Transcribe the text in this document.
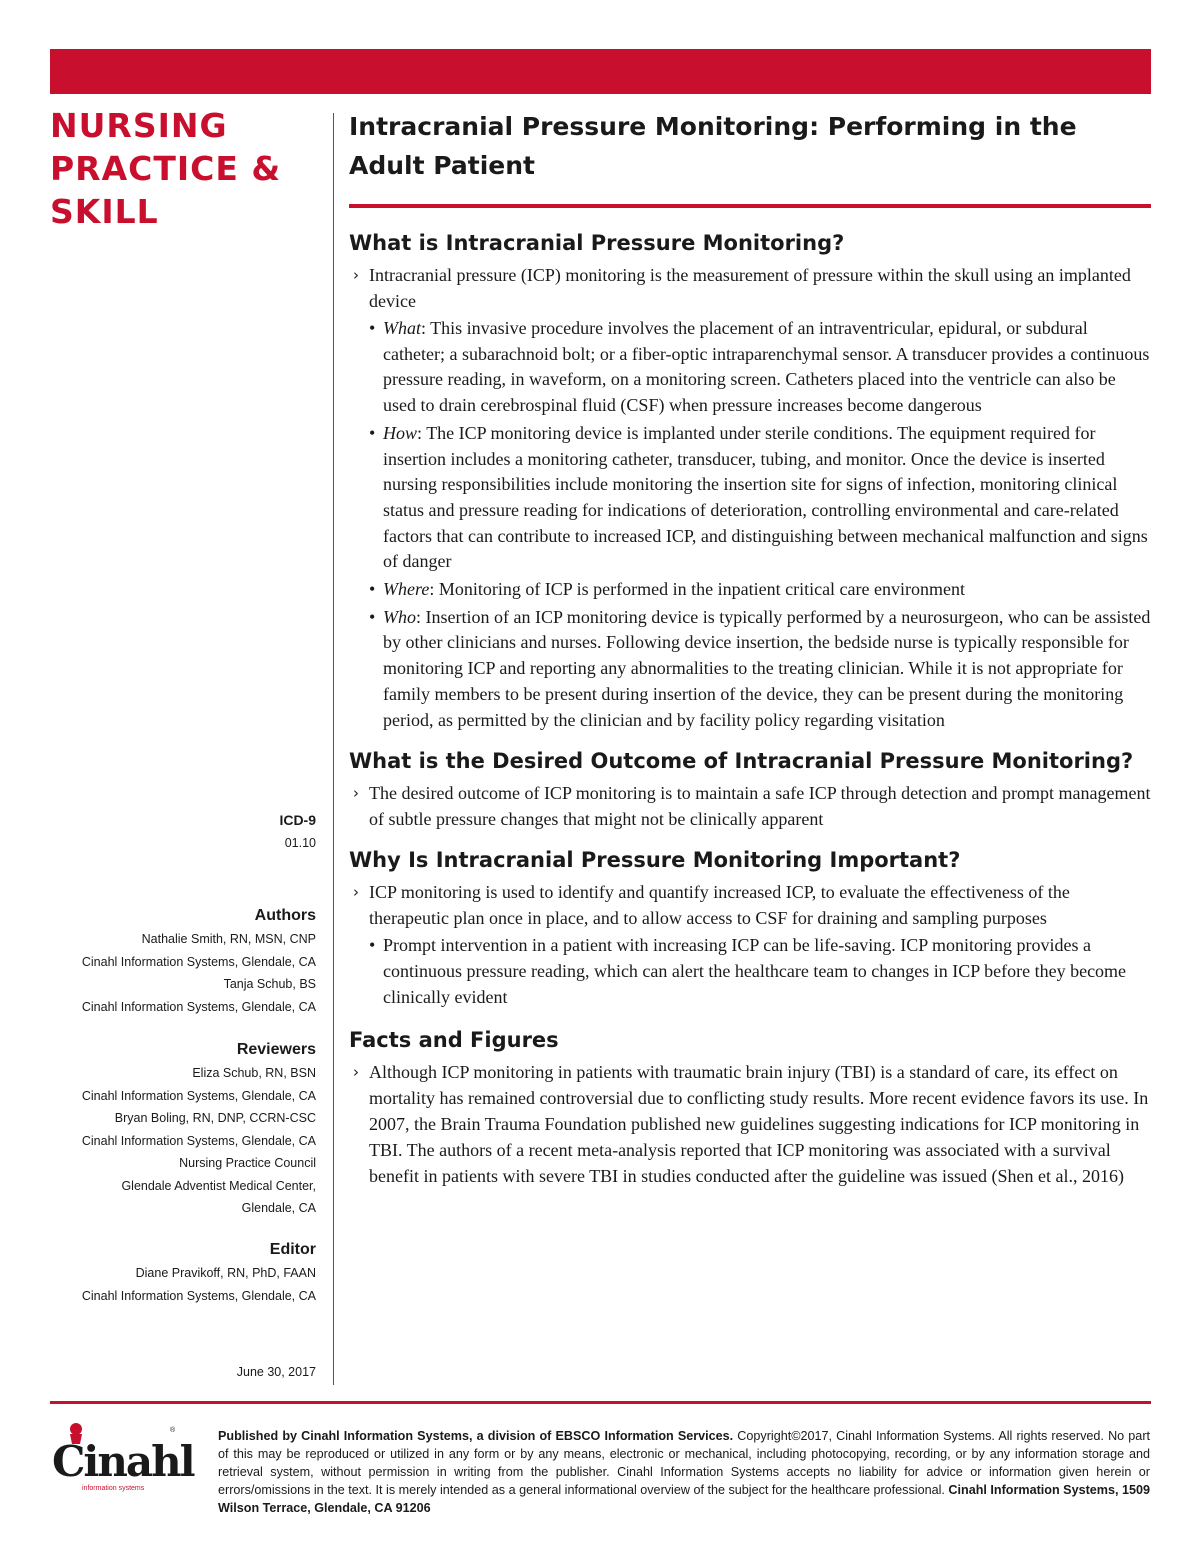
NURSING
PRACTICE &
SKILL
ICD-9
01.10
Authors
Nathalie Smith, RN, MSN, CNP
Cinahl Information Systems, Glendale, CA
Tanja Schub, BS
Cinahl Information Systems, Glendale, CA
Reviewers
Eliza Schub, RN, BSN
Cinahl Information Systems, Glendale, CA
Bryan Boling, RN, DNP, CCRN-CSC
Cinahl Information Systems, Glendale, CA
Nursing Practice Council
Glendale Adventist Medical Center,
Glendale, CA
Editor
Diane Pravikoff, RN, PhD, FAAN
Cinahl Information Systems, Glendale, CA
June 30, 2017
Intracranial Pressure Monitoring: Performing in the Adult Patient
What is Intracranial Pressure Monitoring?
› Intracranial pressure (ICP) monitoring is the measurement of pressure within the skull using an implanted device
• What: This invasive procedure involves the placement of an intraventricular, epidural, or subdural catheter; a subarachnoid bolt; or a fiber-optic intraparenchymal sensor. A transducer provides a continuous pressure reading, in waveform, on a monitoring screen. Catheters placed into the ventricle can also be used to drain cerebrospinal fluid (CSF) when pressure increases become dangerous
• How: The ICP monitoring device is implanted under sterile conditions. The equipment required for insertion includes a monitoring catheter, transducer, tubing, and monitor. Once the device is inserted nursing responsibilities include monitoring the insertion site for signs of infection, monitoring clinical status and pressure reading for indications of deterioration, controlling environmental and care-related factors that can contribute to increased ICP, and distinguishing between mechanical malfunction and signs of danger
• Where: Monitoring of ICP is performed in the inpatient critical care environment
• Who: Insertion of an ICP monitoring device is typically performed by a neurosurgeon, who can be assisted by other clinicians and nurses. Following device insertion, the bedside nurse is typically responsible for monitoring ICP and reporting any abnormalities to the treating clinician. While it is not appropriate for family members to be present during insertion of the device, they can be present during the monitoring period, as permitted by the clinician and by facility policy regarding visitation
What is the Desired Outcome of Intracranial Pressure Monitoring?
› The desired outcome of ICP monitoring is to maintain a safe ICP through detection and prompt management of subtle pressure changes that might not be clinically apparent
Why Is Intracranial Pressure Monitoring Important?
› ICP monitoring is used to identify and quantify increased ICP, to evaluate the effectiveness of the therapeutic plan once in place, and to allow access to CSF for draining and sampling purposes
• Prompt intervention in a patient with increasing ICP can be life-saving. ICP monitoring provides a continuous pressure reading, which can alert the healthcare team to changes in ICP before they become clinically evident
Facts and Figures
› Although ICP monitoring in patients with traumatic brain injury (TBI) is a standard of care, its effect on mortality has remained controversial due to conflicting study results. More recent evidence favors its use. In 2007, the Brain Trauma Foundation published new guidelines suggesting indications for ICP monitoring in TBI. The authors of a recent meta-analysis reported that ICP monitoring was associated with a survival benefit in patients with severe TBI in studies conducted after the guideline was issued (Shen et al., 2016)
Cinahl
information systems
®	Published by Cinahl Information Systems, a division of EBSCO Information Services. Copyright©2017, Cinahl Information Systems. All rights reserved. No part of this may be reproduced or utilized in any form or by any means, electronic or mechanical, including photocopying, recording, or by any information storage and retrieval system, without permission in writing from the publisher. Cinahl Information Systems accepts no liability for advice or information given herein or errors/omissions in the text. It is merely intended as a general informational overview of the subject for the healthcare professional. Cinahl Information Systems, 1509 Wilson Terrace, Glendale, CA 91206
